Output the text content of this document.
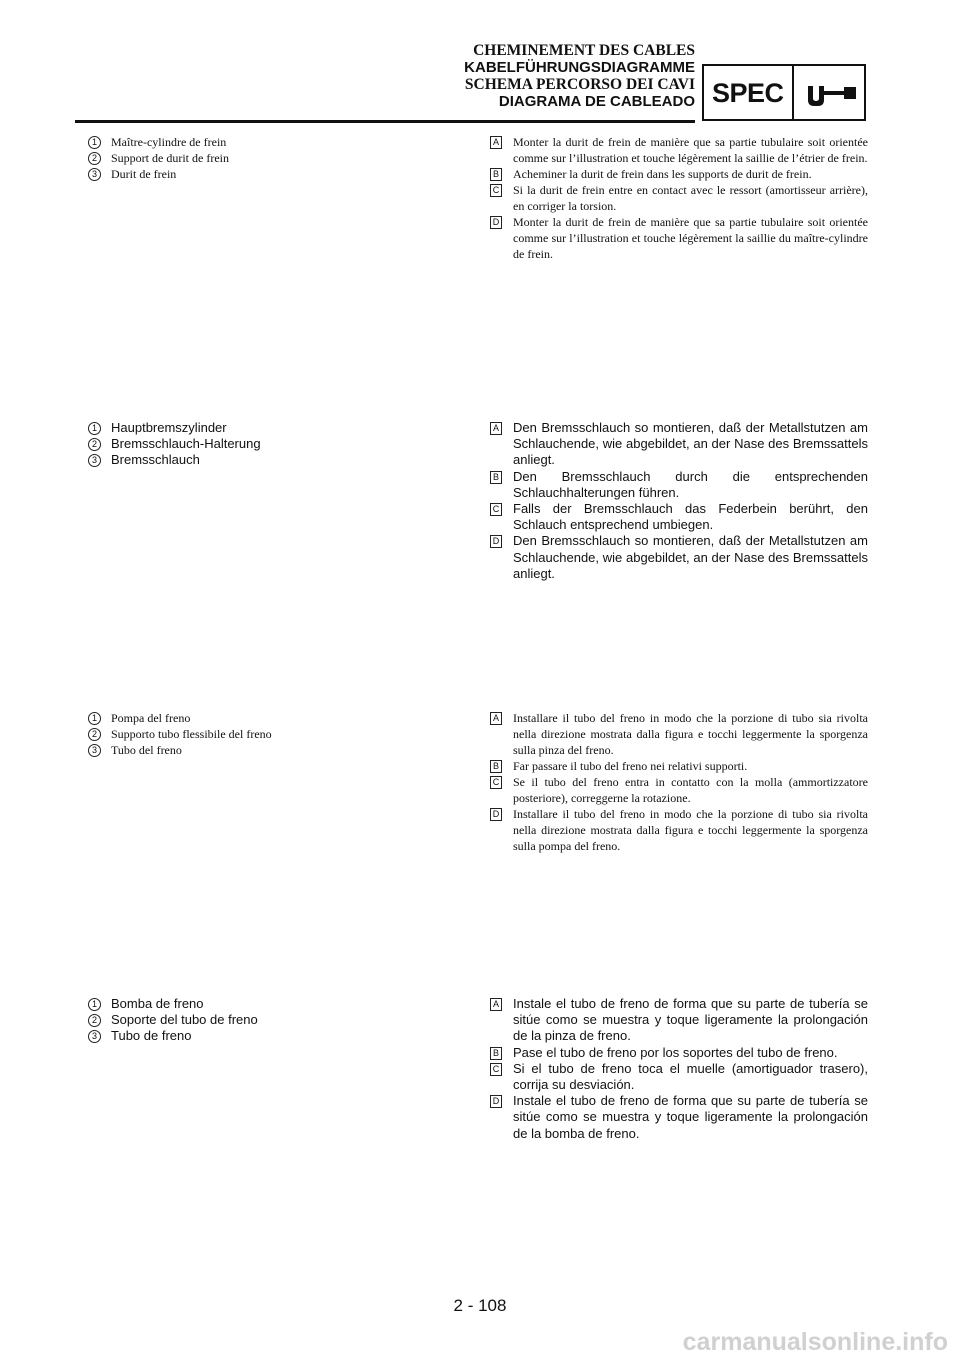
CHEMINEMENT DES CABLES
KABELFÜHRUNGSDIAGRAMME
SCHEMA PERCORSO DEI CAVI
DIAGRAMA DE CABLEADO SPEC
1	Maître-cylindre de frein
2	Support de durit de frein
3	Durit de frein
A Monter la durit de frein de manière que sa partie tubulaire soit orientée comme sur l’illustration et touche légèrement la saillie de l’étrier de frein.
B Acheminer la durit de frein dans les supports de durit de frein.
C Si la durit de frein entre en contact avec le ressort (amortisseur arrière), en corriger la torsion.
D Monter la durit de frein de manière que sa partie tubulaire soit orientée comme sur l’illustration et touche légèrement la saillie du maître-cylindre de frein.
1	Hauptbremszylinder
2	Bremsschlauch-Halterung
3	Bremsschlauch
A Den Bremsschlauch so montieren, daß der Metallstutzen am Schlauchende, wie abgebildet, an der Nase des Bremssattels anliegt.
B Den Bremsschlauch durch die entsprechenden Schlauchhalterungen führen.
C Falls der Bremsschlauch das Federbein berührt, den Schlauch entsprechend umbiegen.
D Den Bremsschlauch so montieren, daß der Metallstutzen am Schlauchende, wie abgebildet, an der Nase des Bremssattels anliegt.
1	Pompa del freno
2	Supporto tubo flessibile del freno
3	Tubo del freno
A Installare il tubo del freno in modo che la porzione di tubo sia rivolta nella direzione mostrata dalla figura e tocchi leggermente la sporgenza sulla pinza del freno.
B Far passare il tubo del freno nei relativi supporti.
C Se il tubo del freno entra in contatto con la molla (ammortizzatore posteriore), correggerne la rotazione.
D Installare il tubo del freno in modo che la porzione di tubo sia rivolta nella direzione mostrata dalla figura e tocchi leggermente la sporgenza sulla pompa del freno.
1	Bomba de freno
2	Soporte del tubo de freno
3	Tubo de freno
A Instale el tubo de freno de forma que su parte de tubería se sitúe como se muestra y toque ligeramente la prolongación de la pinza de freno.
B Pase el tubo de freno por los soportes del tubo de freno.
C Si el tubo de freno toca el muelle (amortiguador trasero), corrija su desviación.
D Instale el tubo de freno de forma que su parte de tubería se sitúe como se muestra y toque ligeramente la prolongación de la bomba de freno.
2 - 108
carmanualsonline.info
